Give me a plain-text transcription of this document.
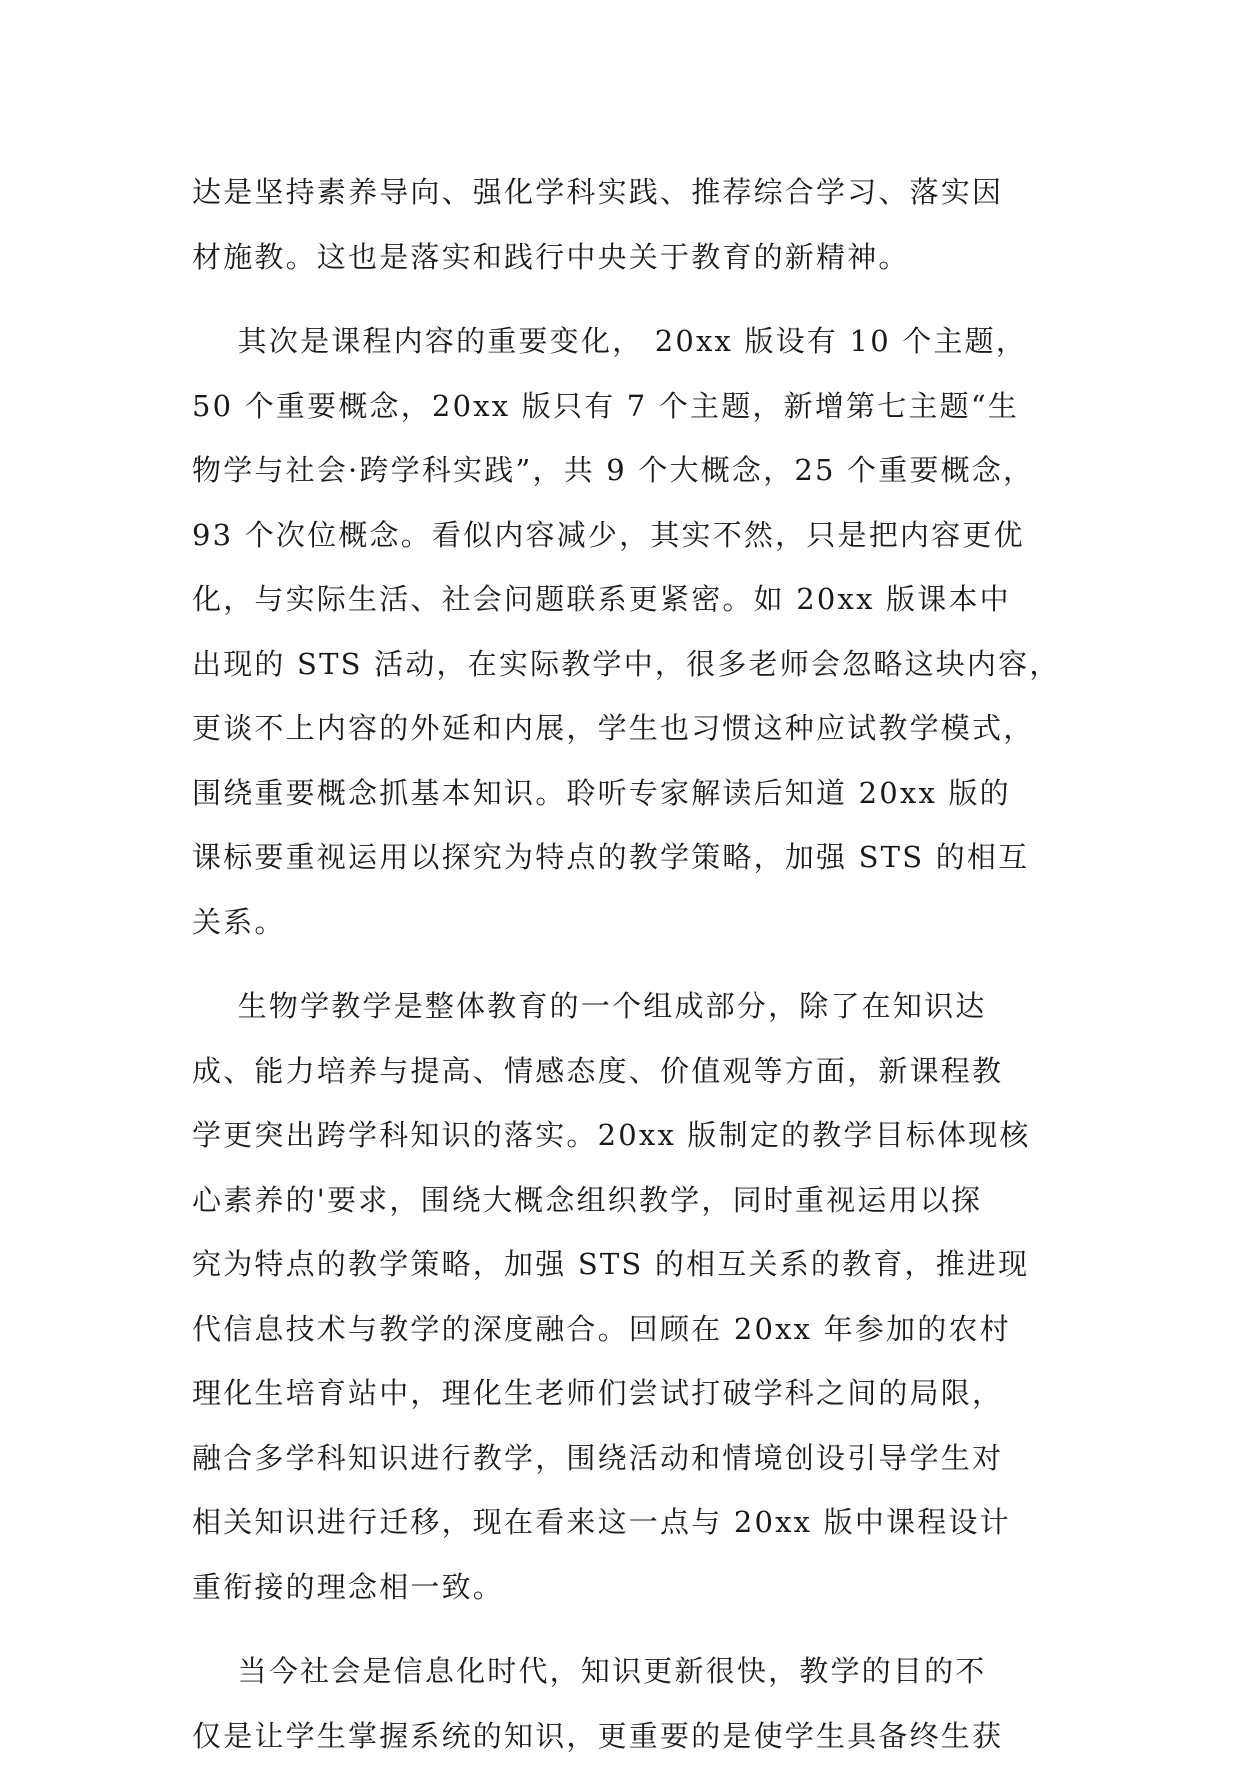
达是坚持素养导向、强化学科实践、推荐综合学习、落实因
材施教。这也是落实和践行中央关于教育的新精神。
其次是课程内容的重要变化， 20xx 版设有 10 个主题，
50 个重要概念，20xx 版只有 7 个主题，新增第七主题“生
物学与社会·跨学科实践”，共 9 个大概念，25 个重要概念，
93 个次位概念。看似内容减少，其实不然，只是把内容更优
化，与实际生活、社会问题联系更紧密。如 20xx 版课本中
出现的 STS 活动，在实际教学中，很多老师会忽略这块内容，
更谈不上内容的外延和内展，学生也习惯这种应试教学模式，
围绕重要概念抓基本知识。聆听专家解读后知道 20xx 版的
课标要重视运用以探究为特点的教学策略，加强 STS 的相互
关系。
生物学教学是整体教育的一个组成部分，除了在知识达
成、能力培养与提高、情感态度、价值观等方面，新课程教
学更突出跨学科知识的落实。20xx 版制定的教学目标体现核
心素养的'要求，围绕大概念组织教学，同时重视运用以探
究为特点的教学策略，加强 STS 的相互关系的教育，推进现
代信息技术与教学的深度融合。回顾在 20xx 年参加的农村
理化生培育站中，理化生老师们尝试打破学科之间的局限，
融合多学科知识进行教学，围绕活动和情境创设引导学生对
相关知识进行迁移，现在看来这一点与 20xx 版中课程设计
重衔接的理念相一致。
当今社会是信息化时代，知识更新很快，教学的目的不
仅是让学生掌握系统的知识，更重要的是使学生具备终生获
